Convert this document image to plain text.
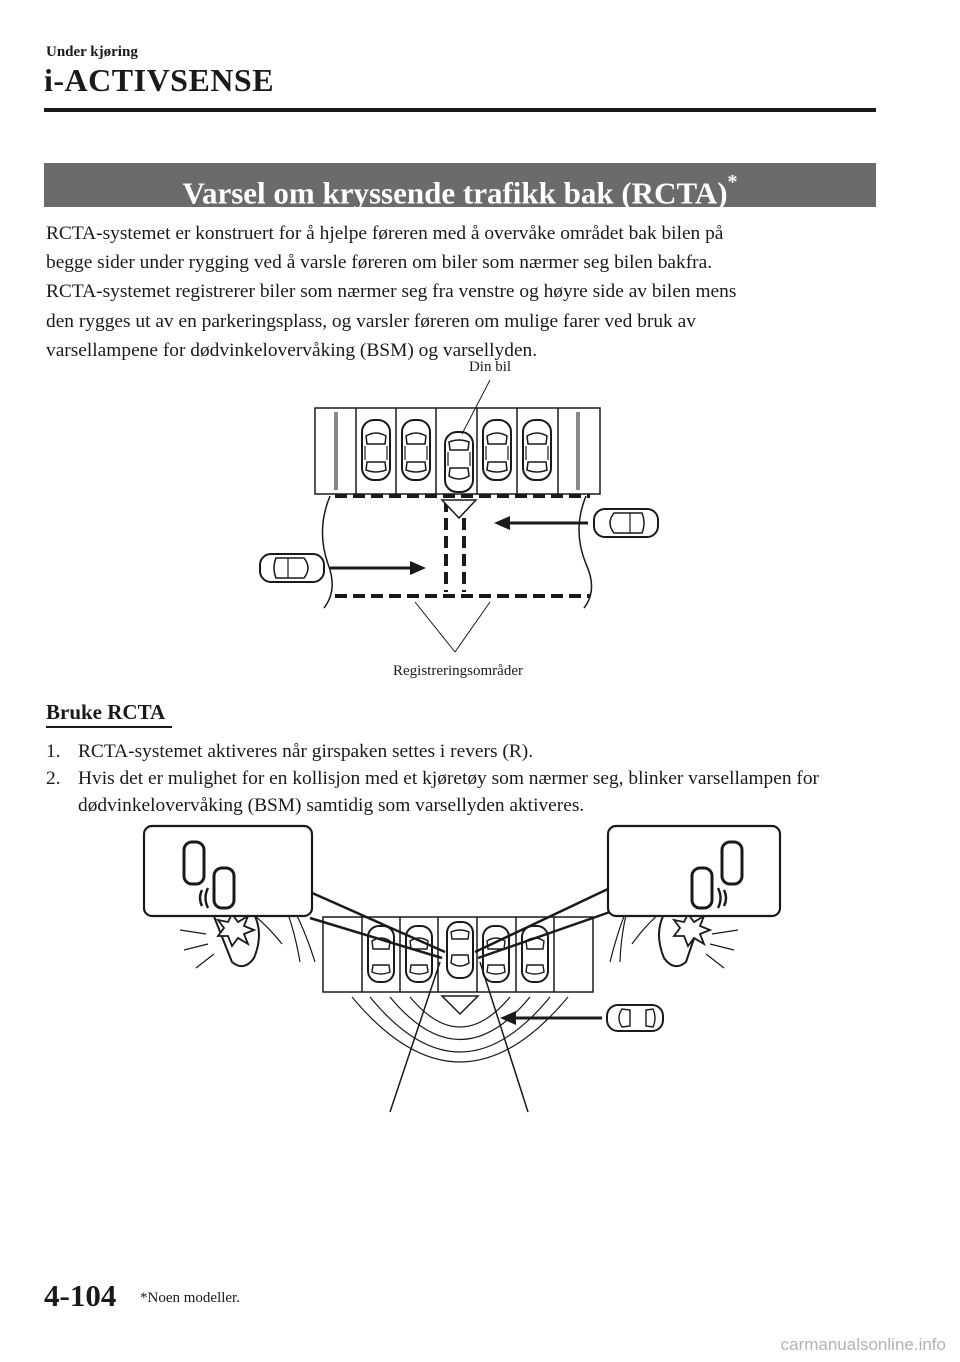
Under kjøring
i-ACTIVSENSE
Varsel om kryssende trafikk bak (RCTA)*

RCTA-systemet er konstruert for å hjelpe føreren med å overvåke området bak bilen på

begge sider under rygging ved å varsle føreren om biler som nærmer seg bilen bakfra.

RCTA-systemet registrerer biler som nærmer seg fra venstre og høyre side av bilen mens

den rygges ut av en parkeringsplass, og varsler føreren om mulige farer ved bruk av

varsellampene for dødvinkelovervåking (BSM) og varsellyden.

Din bil
Registreringsområder
Bruke RCTA
1. RCTA-systemet aktiveres når girspaken settes i revers (R).
2. Hvis det er mulighet for en kollisjon med et kjøretøy som nærmer seg, blinker varsellampen for dødvinkelovervåking (BSM) samtidig som varsellyden aktiveres.
4-104 *Noen modeller.
carmanualsonline.info
